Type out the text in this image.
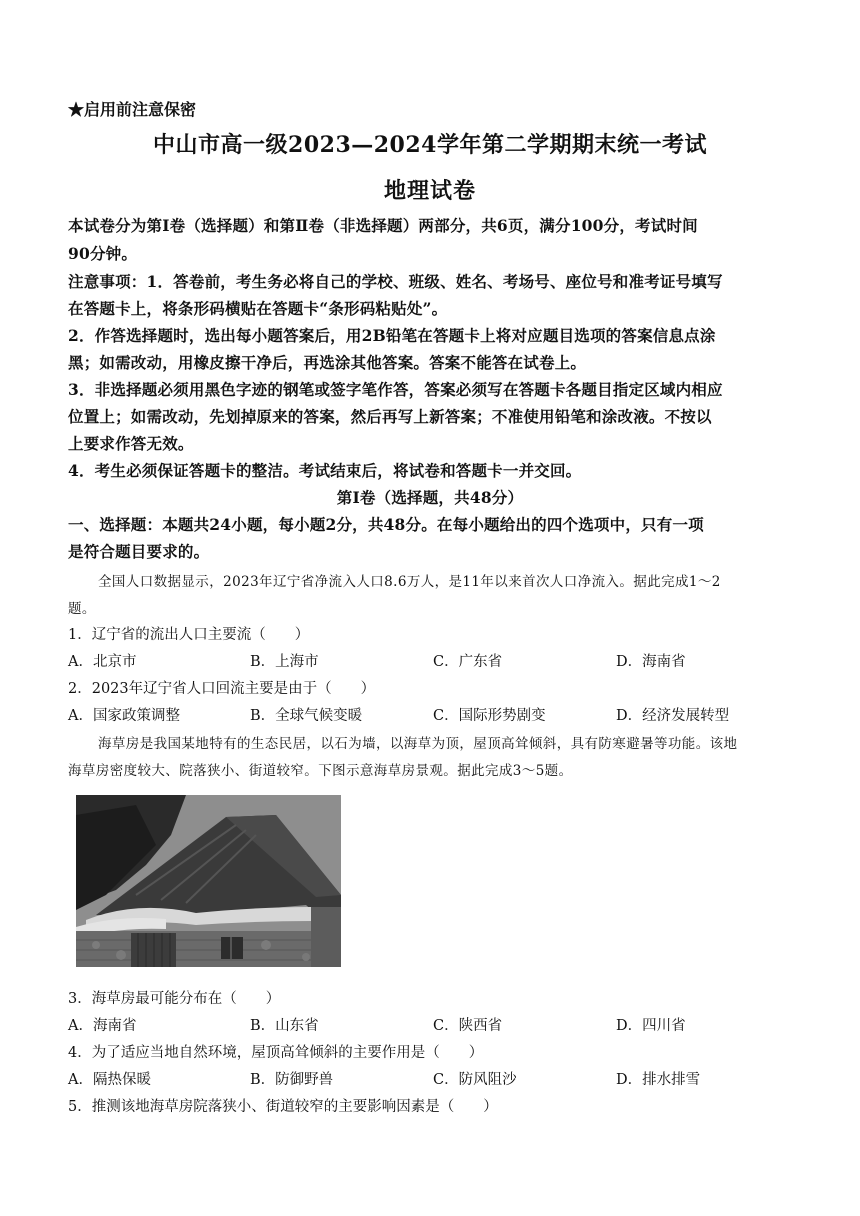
★启用前注意保密
中山市高一级2023—2024学年第二学期期末统一考试
地理试卷
本试卷分为第Ⅰ卷（选择题）和第Ⅱ卷（非选择题）两部分，共6页，满分100分，考试时间
90分钟。
注意事项：1．答卷前，考生务必将自己的学校、班级、姓名、考场号、座位号和准考证号填写
在答题卡上，将条形码横贴在答题卡“条形码粘贴处”。
2．作答选择题时，选出每小题答案后，用2B铅笔在答题卡上将对应题目选项的答案信息点涂
黑；如需改动，用橡皮擦干净后，再选涂其他答案。答案不能答在试卷上。
3．非选择题必须用黑色字迹的钢笔或签字笔作答，答案必须写在答题卡各题目指定区域内相应
位置上；如需改动，先划掉原来的答案，然后再写上新答案；不准使用铅笔和涂改液。不按以
上要求作答无效。
4．考生必须保证答题卡的整洁。考试结束后，将试卷和答题卡一并交回。
第Ⅰ卷（选择题，共48分）
一、选择题：本题共24小题，每小题2分，共48分。在每小题给出的四个选项中，只有一项
是符合题目要求的。
全国人口数据显示，2023年辽宁省净流入人口8.6万人，是11年以来首次人口净流入。据此完成1～2
题。
1．辽宁省的流出人口主要流（　　）
A．北京市	B．上海市	C．广东省	D．海南省
2．2023年辽宁省人口回流主要是由于（　　）
A．国家政策调整	B．全球气候变暖	C．国际形势剧变	D．经济发展转型
海草房是我国某地特有的生态民居，以石为墙，以海草为顶，屋顶高耸倾斜，具有防寒避暑等功能。该地
海草房密度较大、院落狭小、街道较窄。下图示意海草房景观。据此完成3～5题。
3．海草房最可能分布在（　　）
A．海南省	B．山东省	C．陕西省	D．四川省
4．为了适应当地自然环境，屋顶高耸倾斜的主要作用是（　　）
A．隔热保暖	B．防御野兽	C．防风阻沙	D．排水排雪
5．推测该地海草房院落狭小、街道较窄的主要影响因素是（　　）
